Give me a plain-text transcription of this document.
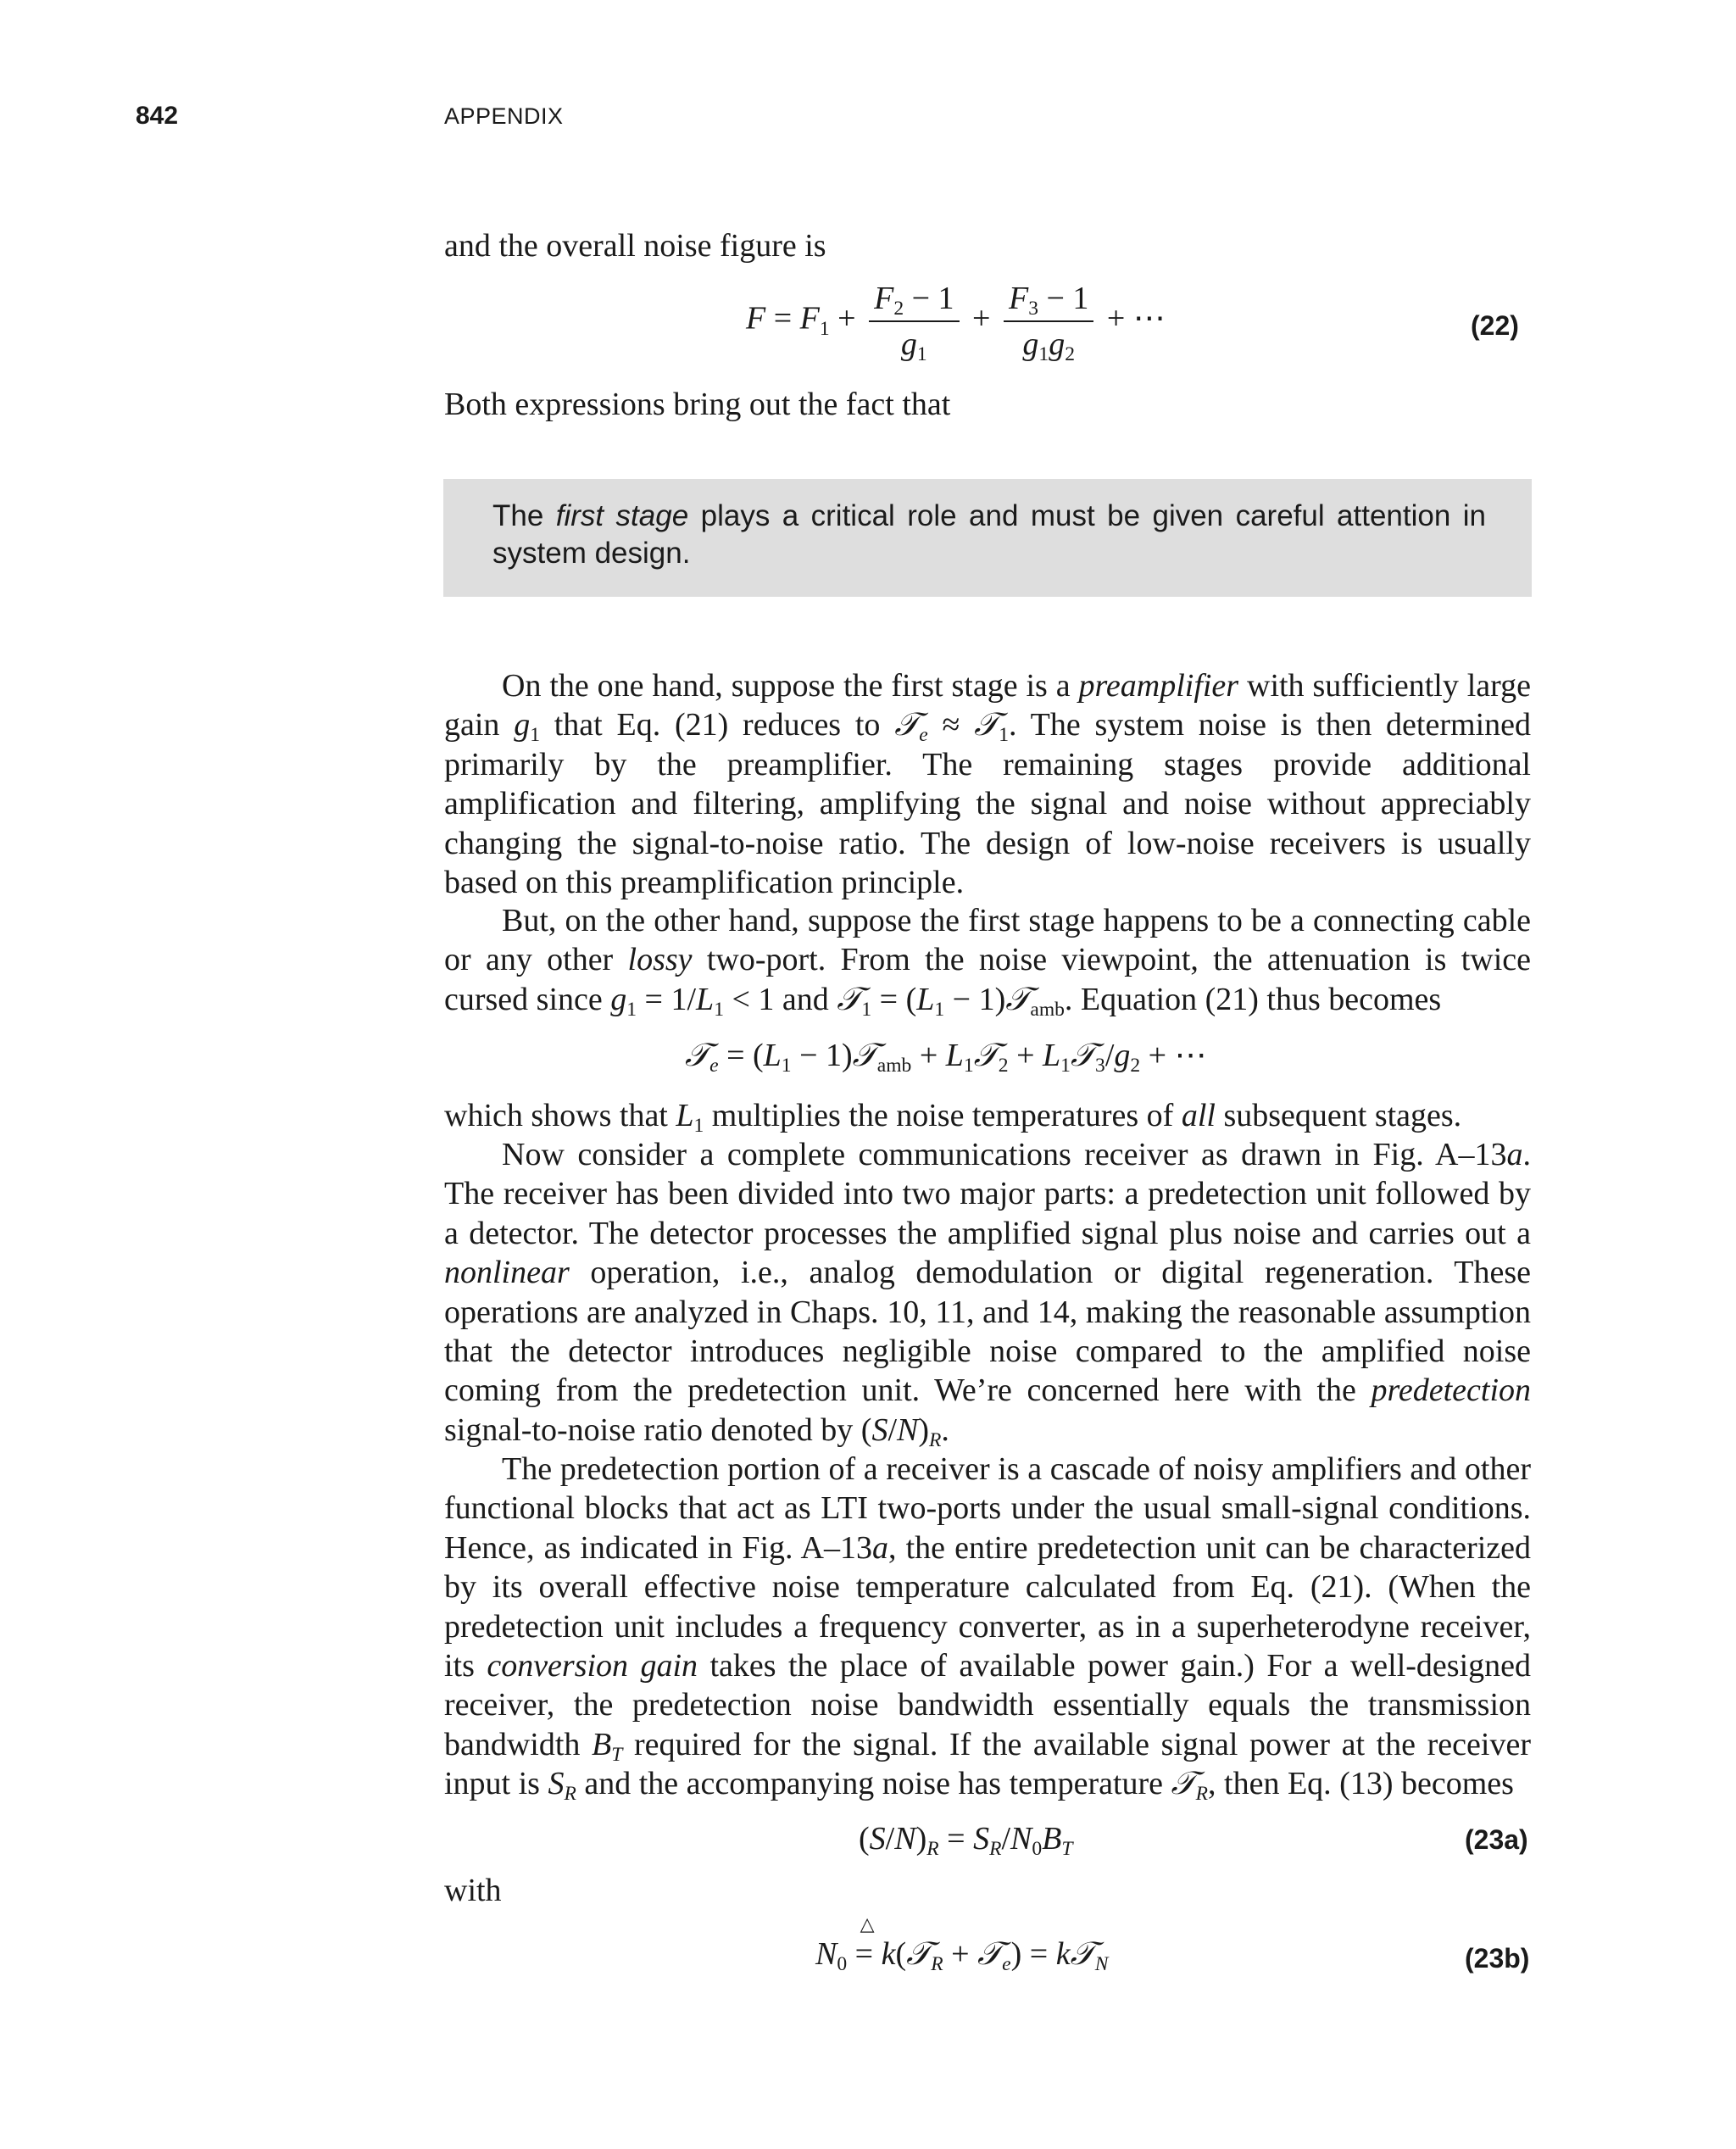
842	APPENDIX

and the overall noise figure is

$F = F_1 + \frac{F_2 - 1}{g_1} + \frac{F_3 - 1}{g_1g_2}$ + ⋯	(22)

Both expressions bring out the fact that

The first stage plays a critical role and must be given careful attention in system design.

On the one hand, suppose the first stage is a preamplifier with sufficiently large gain $g_1$ that Eq. (21) reduces to 𝒯$_e$ ≈ 𝒯$_1$. The system noise is then determined primarily by the preamplifier. The remaining stages provide additional amplification and filtering, amplifying the signal and noise without appreciably changing the signal-to-noise ratio. The design of low-noise receivers is usually based on this preamplification principle.

But, on the other hand, suppose the first stage happens to be a connecting cable or any other lossy two-port. From the noise viewpoint, the attenuation is twice cursed since $g_1 = 1/L_1 < 1$ and 𝒯$_1$ = ($L_1$ − 1)𝒯$_{amb}$. Equation (21) thus becomes

𝒯$_e$ = ($L_1$ − 1)𝒯$_{amb}$ + $L_1𝒯_2$ + $L_1𝒯_3/g_2$ + ⋯

which shows that $L_1$ multiplies the noise temperatures of all subsequent stages.

Now consider a complete communications receiver as drawn in Fig. A–13a. The receiver has been divided into two major parts: a predetection unit followed by a detector. The detector processes the amplified signal plus noise and carries out a nonlinear operation, i.e., analog demodulation or digital regeneration. These operations are analyzed in Chaps. 10, 11, and 14, making the reasonable assumption that the detector introduces negligible noise compared to the amplified noise coming from the predetection unit. We’re concerned here with the predetection signal-to-noise ratio denoted by $(S/N)_R$.

The predetection portion of a receiver is a cascade of noisy amplifiers and other functional blocks that act as LTI two-ports under the usual small-signal conditions. Hence, as indicated in Fig. A–13a, the entire predetection unit can be characterized by its overall effective noise temperature calculated from Eq. (21). (When the predetection unit includes a frequency converter, as in a superheterodyne receiver, its conversion gain takes the place of available power gain.) For a well-designed receiver, the predetection noise bandwidth essentially equals the transmission bandwidth $B_T$ required for the signal. If the available signal power at the receiver input is $S_R$ and the accompanying noise has temperature 𝒯$_R$, then Eq. (13) becomes

$(S/N)_R = S_R/N_0B_T$	(23a)

with

$N_0$
△
= k(𝒯$_R$ + 𝒯$_e$) = k𝒯$_N$	(23b)
